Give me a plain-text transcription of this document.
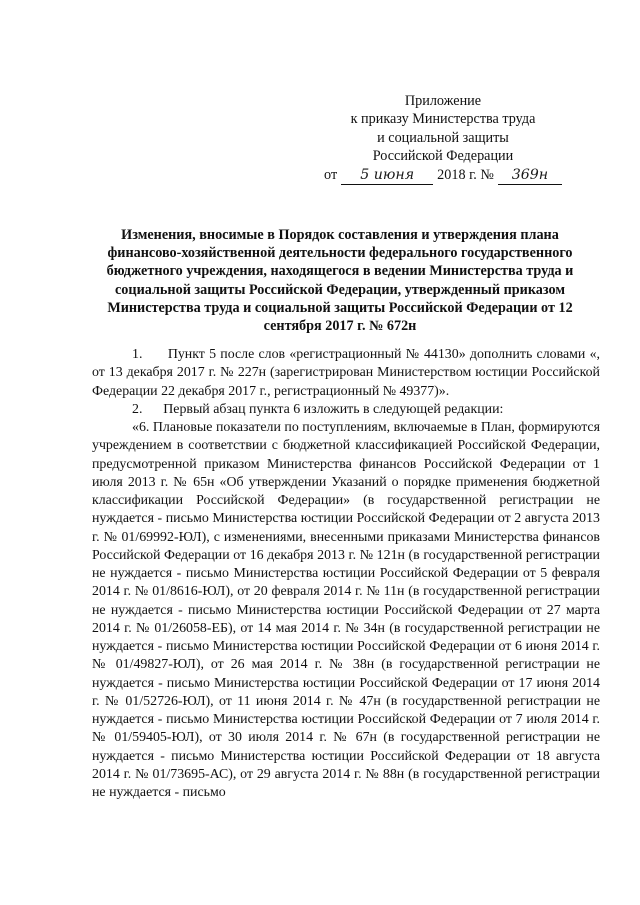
Приложение
к приказу Министерства труда
и социальной защиты
Российской Федерации
от	5 июня	2018 г. №	369н
Изменения, вносимые в Порядок составления и утверждения плана финансово-хозяйственной деятельности федерального государственного бюджетного учреждения, находящегося в ведении Министерства труда и социальной защиты Российской Федерации, утвержденный приказом Министерства труда и социальной защиты Российской Федерации от 12 сентября 2017 г. № 672н

1.      Пункт 5 после слов «регистрационный № 44130» дополнить словами «, от 13 декабря 2017 г. № 227н (зарегистрирован Министерством юстиции Российской Федерации 22 декабря 2017 г., регистрационный № 49377)».

2.      Первый абзац пункта 6 изложить в следующей редакции:

«6. Плановые показатели по поступлениям, включаемые в План, формируются учреждением в соответствии с бюджетной классификацией Российской Федерации, предусмотренной приказом Министерства финансов Российской Федерации от 1 июля 2013 г. № 65н «Об утверждении Указаний о порядке применения бюджетной классификации Российской Федерации» (в государственной регистрации не нуждается - письмо Министерства юстиции Российской Федерации от 2 августа 2013 г. № 01/69992-ЮЛ), с изменениями, внесенными приказами Министерства финансов Российской Федерации от 16 декабря 2013 г. № 121н (в государственной регистрации не нуждается - письмо Министерства юстиции Российской Федерации от 5 февраля 2014 г. № 01/8616-ЮЛ), от 20 февраля 2014 г. № 11н (в государственной регистрации не нуждается - письмо Министерства юстиции Российской Федерации от 27 марта 2014 г. № 01/26058-ЕБ), от 14 мая 2014 г. № 34н (в государственной регистрации не нуждается - письмо Министерства юстиции Российской Федерации от 6 июня 2014 г. № 01/49827-ЮЛ), от 26 мая 2014 г. № 38н (в государственной регистрации не нуждается - письмо Министерства юстиции Российской Федерации от 17 июня 2014 г. № 01/52726-ЮЛ), от 11 июня 2014 г. № 47н (в государственной регистрации не нуждается - письмо Министерства юстиции Российской Федерации от 7 июля 2014 г. № 01/59405-ЮЛ), от 30 июля 2014 г. № 67н (в государственной регистрации не нуждается - письмо Министерства юстиции Российской Федерации от 18 августа 2014 г. № 01/73695-АС), от 29 августа 2014 г. № 88н (в государственной регистрации не нуждается - письмо
